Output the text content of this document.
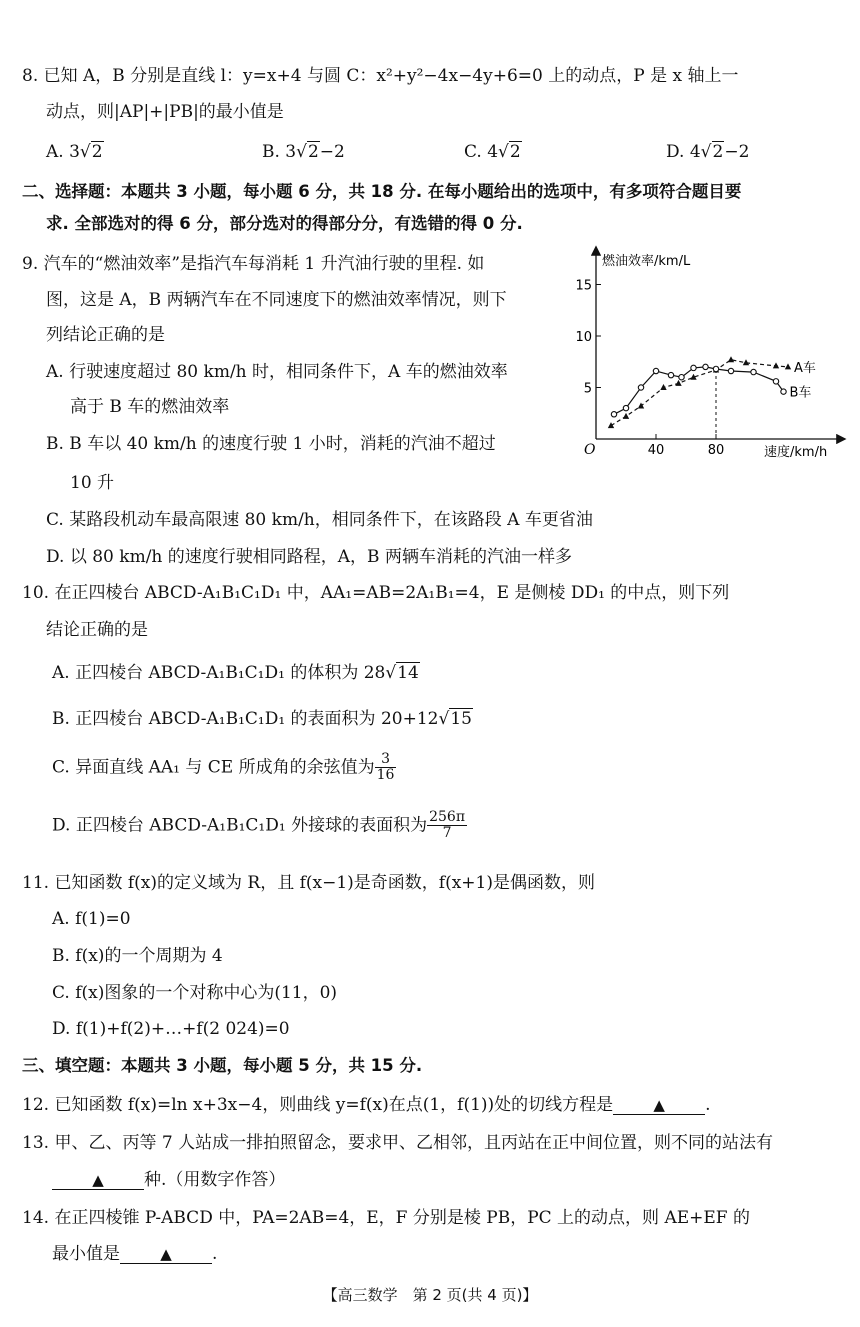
8. 已知 A，B 分别是直线 l：y=x+4 与圆 C：x²+y²−4x−4y+6=0 上的动点，P 是 x 轴上一
动点，则|AP|+|PB|的最小值是
A. 3√2	B. 3√2−2	C. 4√2	D. 4√2−2
二、选择题：本题共 3 小题，每小题 6 分，共 18 分. 在每小题给出的选项中，有多项符合题目要
求. 全部选对的得 6 分，部分选对的得部分分，有选错的得 0 分.
9. 汽车的“燃油效率”是指汽车每消耗 1 升汽油行驶的里程. 如
图，这是 A，B 两辆汽车在不同速度下的燃油效率情况，则下
列结论正确的是
A. 行驶速度超过 80 km/h 时，相同条件下，A 车的燃油效率
高于 B 车的燃油效率
B. B 车以 40 km/h 的速度行驶 1 小时，消耗的汽油不超过
10 升
C. 某路段机动车最高限速 80 km/h，相同条件下，在该路段 A 车更省油
D. 以 80 km/h 的速度行驶相同路程，A，B 两辆车消耗的汽油一样多
燃油效率/km/L
速度/km/h
O
5
10
15
40	80
A车
B车
10. 在正四棱台 ABCD-A₁B₁C₁D₁ 中，AA₁=AB=2A₁B₁=4，E 是侧棱 DD₁ 的中点，则下列
结论正确的是
A. 正四棱台 ABCD-A₁B₁C₁D₁ 的体积为 28√14
B. 正四棱台 ABCD-A₁B₁C₁D₁ 的表面积为 20+12√15
C. 异面直线 AA₁ 与 CE 所成角的余弦值为 $\frac{3}{16}$
D. 正四棱台 ABCD-A₁B₁C₁D₁ 外接球的表面积为 $\frac{256\pi}{7}$
11. 已知函数 f(x)的定义域为 R，且 f(x−1)是奇函数，f(x+1)是偶函数，则
A. f(1)=0
B. f(x)的一个周期为 4
C. f(x)图象的一个对称中心为(11，0)
D. f(1)+f(2)+…+f(2 024)=0
三、填空题：本题共 3 小题，每小题 5 分，共 15 分.
12. 已知函数 f(x)=ln x+3x−4，则曲线 y=f(x)在点(1，f(1))处的切线方程是	▲ .
13. 甲、乙、丙等 7 人站成一排拍照留念，要求甲、乙相邻，且丙站在正中间位置，则不同的站法有
▲ 种.（用数字作答）
14. 在正四棱锥 P-ABCD 中，PA=2AB=4，E，F 分别是棱 PB，PC 上的动点，则 AE+EF 的
最小值是	▲ .
【高三数学　第 2 页(共 4 页)】
